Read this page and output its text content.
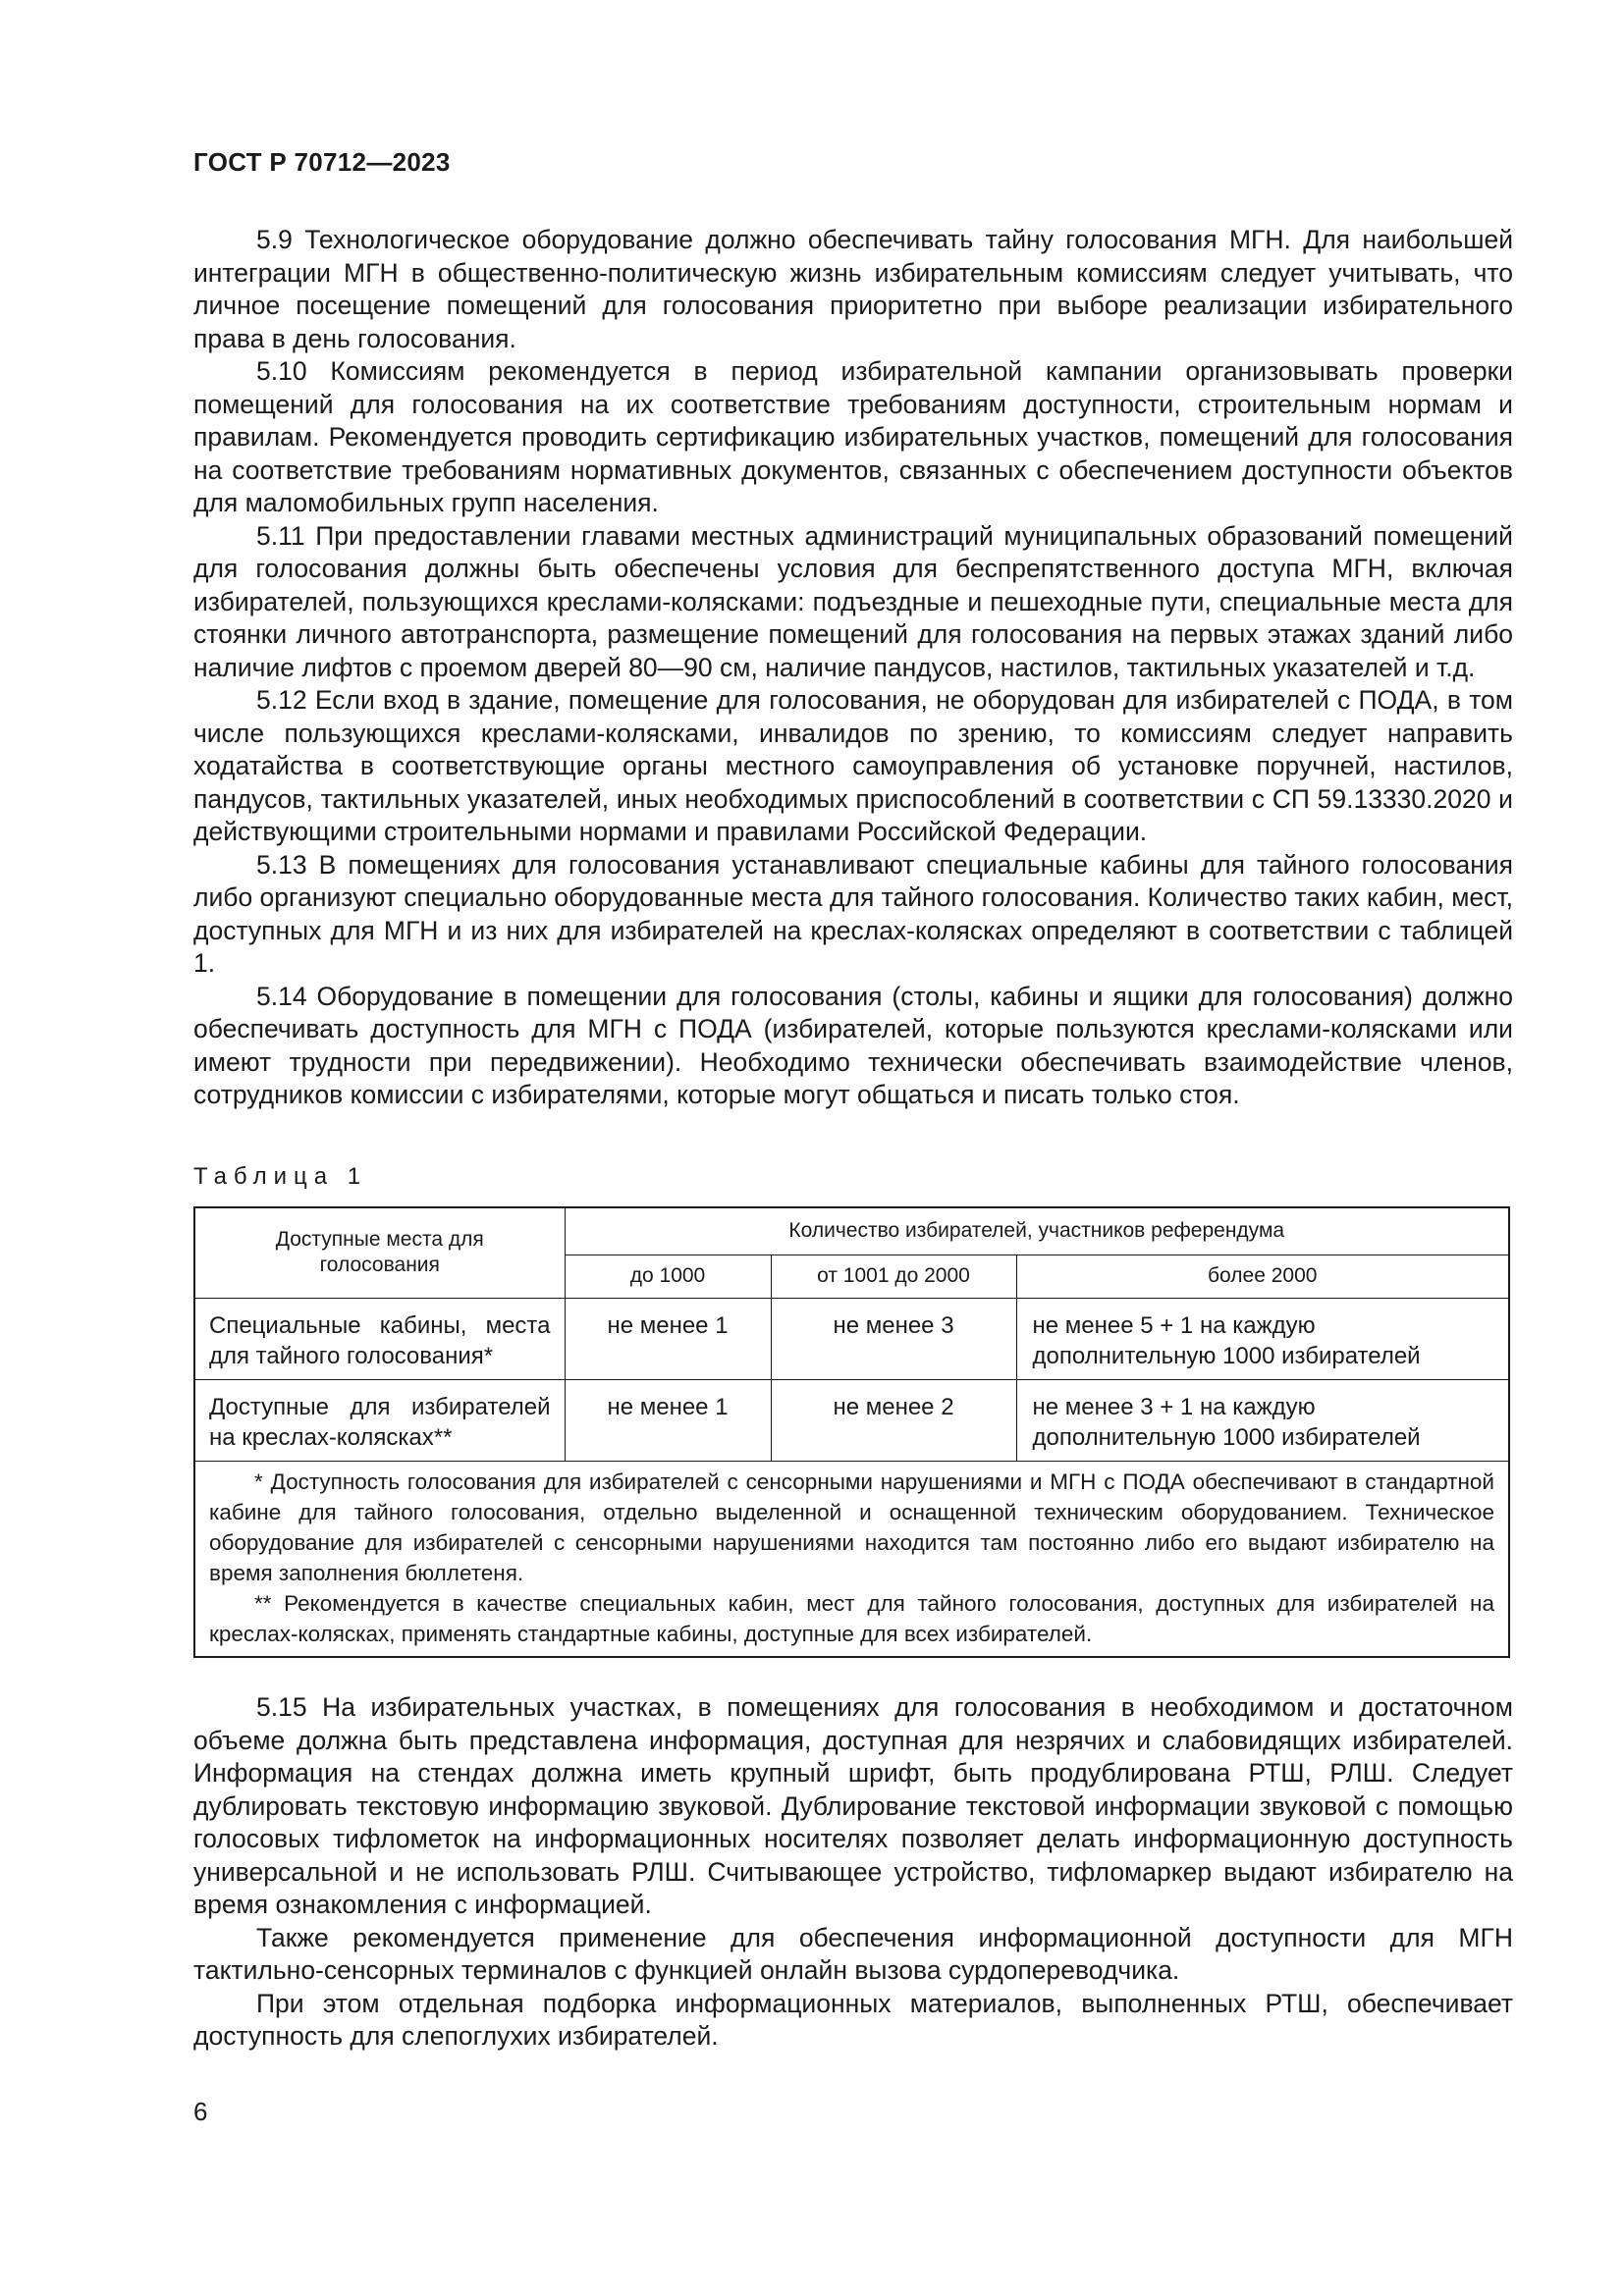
ГОСТ Р 70712—2023

5.9 Технологическое оборудование должно обеспечивать тайну голосования МГН. Для наибольшей интеграции МГН в общественно-политическую жизнь избирательным комиссиям следует учитывать, что личное посещение помещений для голосования приоритетно при выборе реализации избирательного права в день голосования.

5.10 Комиссиям рекомендуется в период избирательной кампании организовывать проверки помещений для голосования на их соответствие требованиям доступности, строительным нормам и правилам. Рекомендуется проводить сертификацию избирательных участков, помещений для голосования на соответствие требованиям нормативных документов, связанных с обеспечением доступности объектов для маломобильных групп населения.

5.11 При предоставлении главами местных администраций муниципальных образований помещений для голосования должны быть обеспечены условия для беспрепятственного доступа МГН, включая избирателей, пользующихся креслами-колясками: подъездные и пешеходные пути, специальные места для стоянки личного автотранспорта, размещение помещений для голосования на первых этажах зданий либо наличие лифтов с проемом дверей 80—90 см, наличие пандусов, настилов, тактильных указателей и т.д.

5.12 Если вход в здание, помещение для голосования, не оборудован для избирателей с ПОДА, в том числе пользующихся креслами-колясками, инвалидов по зрению, то комиссиям следует направить ходатайства в соответствующие органы местного самоуправления об установке поручней, настилов, пандусов, тактильных указателей, иных необходимых приспособлений в соответствии с СП 59.13330.2020 и действующими строительными нормами и правилами Российской Федерации.

5.13 В помещениях для голосования устанавливают специальные кабины для тайного голосования либо организуют специально оборудованные места для тайного голосования. Количество таких кабин, мест, доступных для МГН и из них для избирателей на креслах-колясках определяют в соответствии с таблицей 1.

5.14 Оборудование в помещении для голосования (столы, кабины и ящики для голосования) должно обеспечивать доступность для МГН с ПОДА (избирателей, которые пользуются креслами-колясками или имеют трудности при передвижении). Необходимо технически обеспечивать взаимодействие членов, сотрудников комиссии с избирателями, которые могут общаться и писать только стоя.

Таблица 1
Доступные места для голосования	Количество избирателей, участников референдума		
	до 1000	от 1001 до 2000	более 2000
Специальные кабины, места для тайного голосования*	не менее 1	не менее 3	не менее 5 + 1 на каждую дополнительную 1000 избирателей
Доступные для избирателей на креслах-колясках**	не менее 1	не менее 2	не менее 3 + 1 на каждую дополнительную 1000 избирателей

* Доступность голосования для избирателей с сенсорными нарушениями и МГН с ПОДА обеспечивают в стандартной кабине для тайного голосования, отдельно выделенной и оснащенной техническим оборудованием. Техническое оборудование для избирателей с сенсорными нарушениями находится там постоянно либо его выдают избирателю на время заполнения бюллетеня.

** Рекомендуется в качестве специальных кабин, мест для тайного голосования, доступных для избирателей на креслах-колясках, применять стандартные кабины, доступные для всех избирателей.

5.15 На избирательных участках, в помещениях для голосования в необходимом и достаточном объеме должна быть представлена информация, доступная для незрячих и слабовидящих избирателей. Информация на стендах должна иметь крупный шрифт, быть продублирована РТШ, РЛШ. Следует дублировать текстовую информацию звуковой. Дублирование текстовой информации звуковой с помощью голосовых тифлометок на информационных носителях позволяет делать информационную доступность универсальной и не использовать РЛШ. Считывающее устройство, тифломаркер выдают избирателю на время ознакомления с информацией.

Также рекомендуется применение для обеспечения информационной доступности для МГН тактильно-сенсорных терминалов с функцией онлайн вызова сурдопереводчика.

При этом отдельная подборка информационных материалов, выполненных РТШ, обеспечивает доступность для слепоглухих избирателей.

6
